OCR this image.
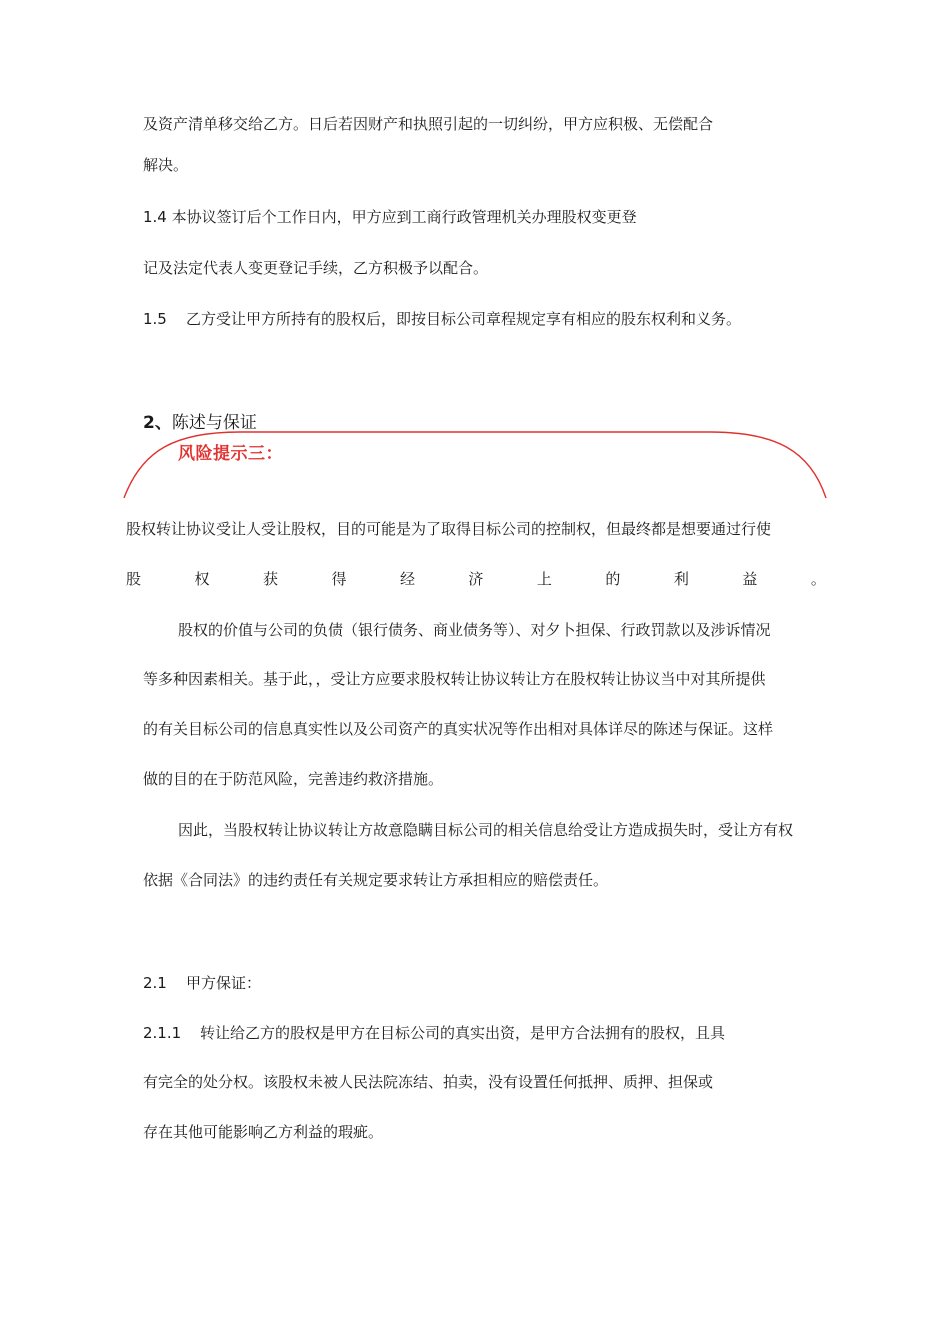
及资产清单移交给乙方。日后若因财产和执照引起的一切纠纷，甲方应积极、无偿配合
解决。
1.4 本协议签订后个工作日内，甲方应到工商行政管理机关办理股权变更登
记及法定代表人变更登记手续，乙方积极予以配合。
1.5 乙方受让甲方所持有的股权后，即按目标公司章程规定享有相应的股东权利和义务。
2、陈述与保证
风险提示三：
股权转让协议受让人受让股权，目的可能是为了取得目标公司的控制权，但最终都是想要通过行使
股	权	获	得	经	济	上	的	利	益	。
股权的价值与公司的负债（银行债务、商业债务等）、对夕卜担保、行政罚款以及涉诉情况
等多种因素相关。基于此，，受让方应要求股权转让协议转让方在股权转让协议当中对其所提供
的有关目标公司的信息真实性以及公司资产的真实状况等作出相对具体详尽的陈述与保证。这样
做的目的在于防范风险，完善违约救济措施。
因此，当股权转让协议转让方故意隐瞒目标公司的相关信息给受让方造成损失时，受让方有权
依据《合同法》的违约责任有关规定要求转让方承担相应的赔偿责任。
2.1 甲方保证：
2.1.1 转让给乙方的股权是甲方在目标公司的真实出资，是甲方合法拥有的股权，且具
有完全的处分权。该股权未被人民法院冻结、拍卖，没有设置任何抵押、质押、担保或
存在其他可能影响乙方利益的瑕疵。
